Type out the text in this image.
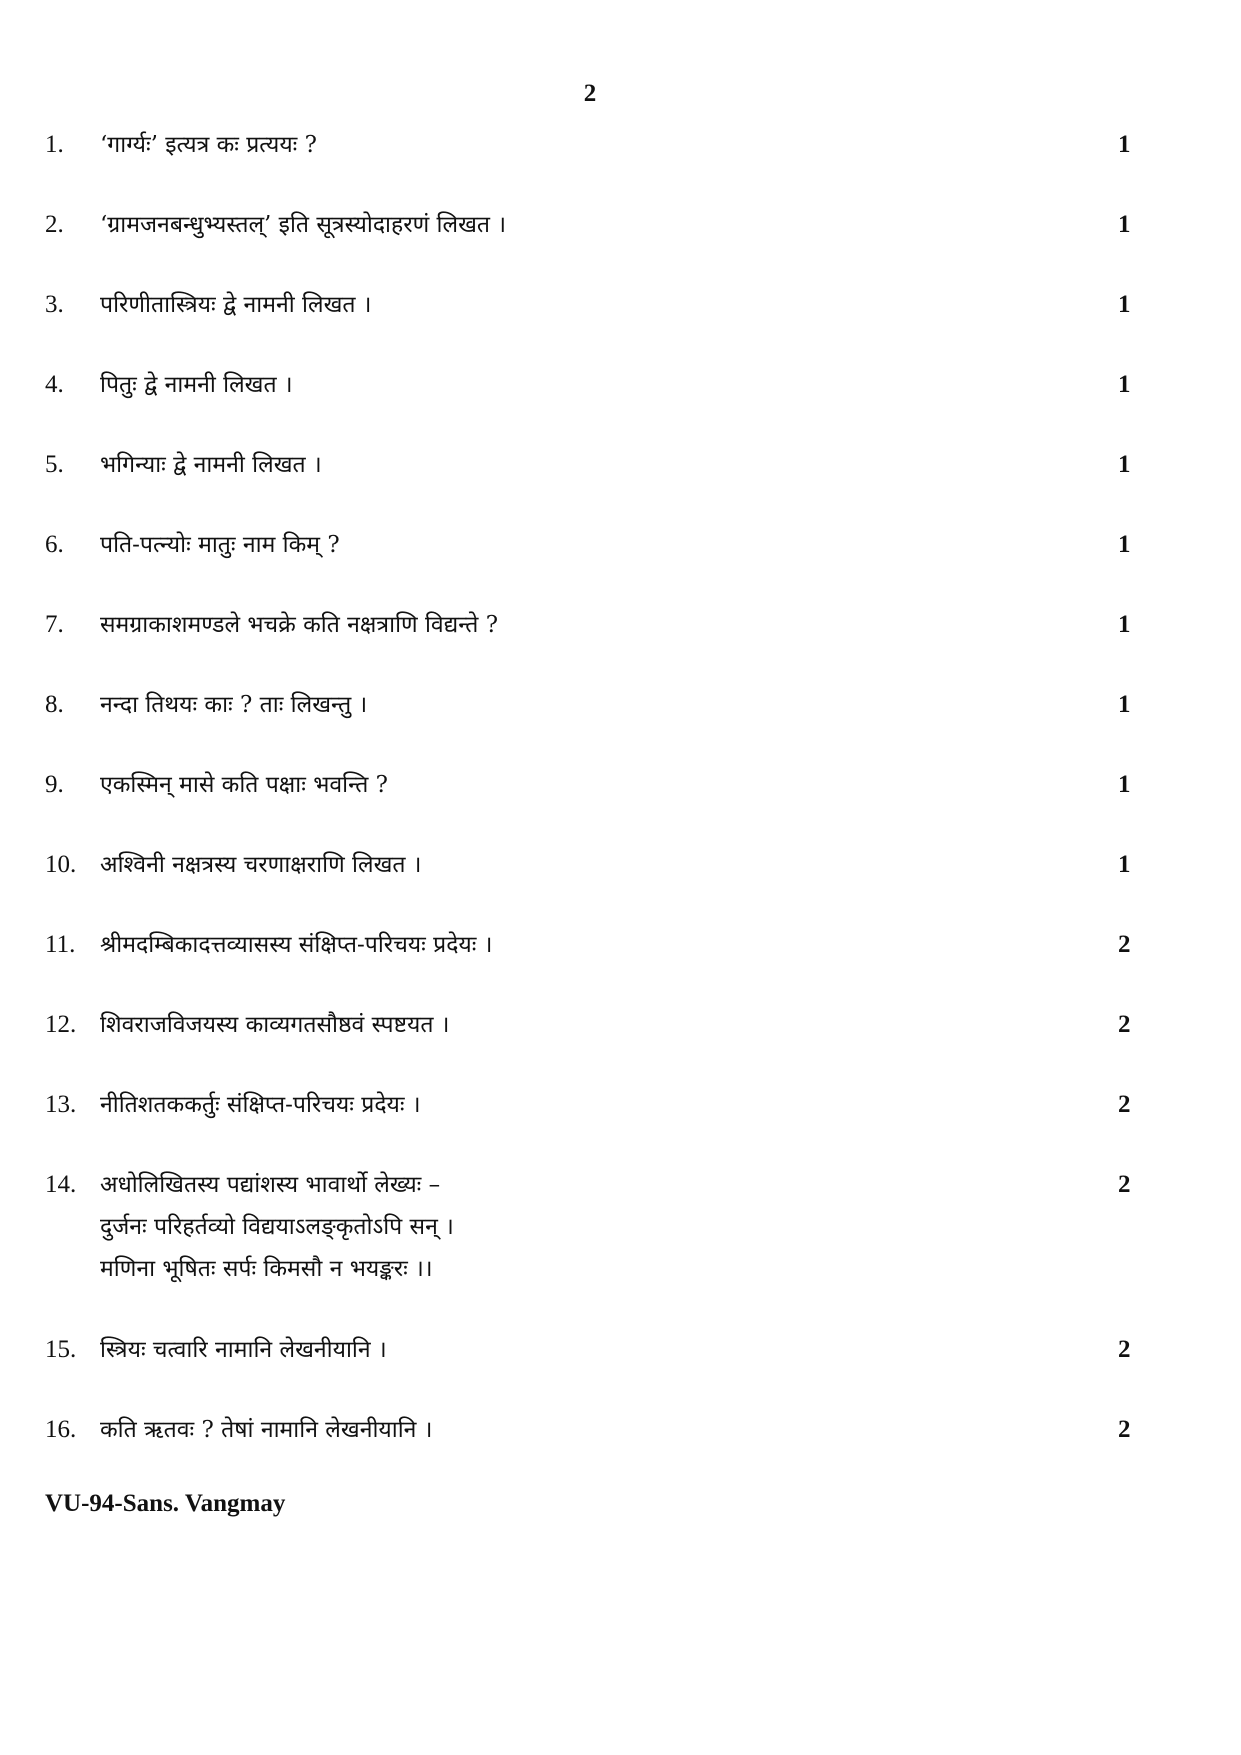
2
1. ‘गार्ग्यः’ इत्यत्र कः प्रत्ययः ?	1
2. ‘ग्रामजनबन्धुभ्यस्तल्’ इति सूत्रस्योदाहरणं लिखत ।	1
3. परिणीतास्त्रियः द्वे नामनी लिखत ।	1
4. पितुः द्वे नामनी लिखत ।	1
5. भगिन्याः द्वे नामनी लिखत ।	1
6. पति-पत्न्योः मातुः नाम किम् ?	1
7. समग्राकाशमण्डले भचक्रे कति नक्षत्राणि विद्यन्ते ?	1
8. नन्दा तिथयः काः ? ताः लिखन्तु ।	1
9. एकस्मिन् मासे कति पक्षाः भवन्ति ?	1
10. अश्विनी नक्षत्रस्य चरणाक्षराणि लिखत ।	1
11. श्रीमदम्बिकादत्तव्यासस्य संक्षिप्त-परिचयः प्रदेयः ।	2
12. शिवराजविजयस्य काव्यगतसौष्ठवं स्पष्टयत ।	2
13. नीतिशतककर्तुः संक्षिप्त-परिचयः प्रदेयः ।	2
14. अधोलिखितस्य पद्यांशस्य भावार्थो लेख्यः –	2
दुर्जनः परिहर्तव्यो विद्ययाऽलङ्कृतोऽपि सन् ।
मणिना भूषितः सर्पः किमसौ न भयङ्करः ।।
15. स्त्रियः चत्वारि नामानि लेखनीयानि ।	2
16. कति ऋतवः ? तेषां नामानि लेखनीयानि ।	2
VU-94-Sans. Vangmay
